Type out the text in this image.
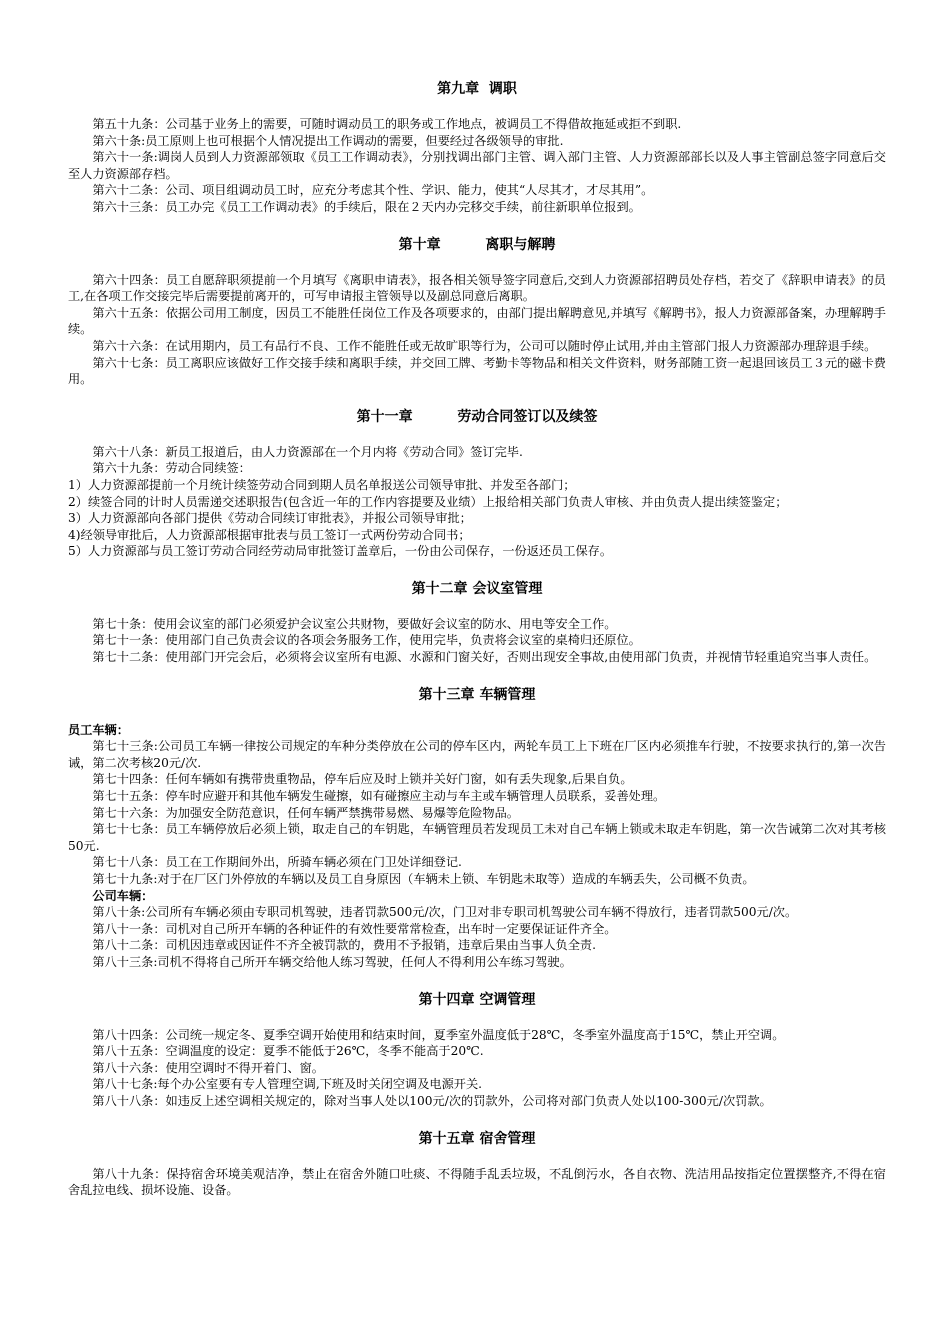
第九章 调职

第五十九条：公司基于业务上的需要，可随时调动员工的职务或工作地点，被调员工不得借故拖延或拒不到职.

第六十条:员工原则上也可根据个人情况提出工作调动的需要，但要经过各级领导的审批.

第六十一条:调岗人员到人力资源部领取《员工工作调动表》，分别找调出部门主管、调入部门主管、人力资源部部长以及人事主管副总签字同意后交至人力资源部存档。

第六十二条：公司、项目组调动员工时，应充分考虑其个性、学识、能力，使其“人尽其才，才尽其用”。

第六十三条：员工办完《员工工作调动表》的手续后，限在２天内办完移交手续，前往新职单位报到。

第十章	离职与解聘

第六十四条：员工自愿辞职须提前一个月填写《离职申请表》，报各相关领导签字同意后,交到人力资源部招聘员处存档，若交了《辞职申请表》的员工,在各项工作交接完毕后需要提前离开的，可写申请报主管领导以及副总同意后离职。

第六十五条：依据公司用工制度，因员工不能胜任岗位工作及各项要求的，由部门提出解聘意见,并填写《解聘书》，报人力资源部备案，办理解聘手续。

第六十六条：在试用期内，员工有品行不良、工作不能胜任或无故旷职等行为，公司可以随时停止试用,并由主管部门报人力资源部办理辞退手续。

第六十七条：员工离职应该做好工作交接手续和离职手续，并交回工牌、考勤卡等物品和相关文件资料，财务部随工资一起退回该员工３元的磁卡费用。

第十一章	劳动合同签订以及续签

第六十八条：新员工报道后，由人力资源部在一个月内将《劳动合同》签订完毕.

第六十九条：劳动合同续签：

1）人力资源部提前一个月统计续签劳动合同到期人员名单报送公司领导审批、并发至各部门；

2）续签合同的计时人员需递交述职报告(包含近一年的工作内容提要及业绩）上报给相关部门负责人审核、并由负责人提出续签鉴定；

3）人力资源部向各部门提供《劳动合同续订审批表》，并报公司领导审批；

4)经领导审批后，人力资源部根据审批表与员工签订一式两份劳动合同书；

5）人力资源部与员工签订劳动合同经劳动局审批签订盖章后，一份由公司保存，一份返还员工保存。

第十二章 会议室管理

第七十条：使用会议室的部门必须爱护会议室公共财物，要做好会议室的防水、用电等安全工作。

第七十一条：使用部门自己负责会议的各项会务服务工作，使用完毕，负责将会议室的桌椅归还原位。

第七十二条：使用部门开完会后，必须将会议室所有电源、水源和门窗关好，否则出现安全事故,由使用部门负责，并视情节轻重追究当事人责任。

第十三章 车辆管理

员工车辆：

第七十三条:公司员工车辆一律按公司规定的车种分类停放在公司的停车区内，两轮车员工上下班在厂区内必须推车行驶，不按要求执行的,第一次告诫，第二次考核20元/次.

第七十四条：任何车辆如有携带贵重物品，停车后应及时上锁并关好门窗，如有丢失现象,后果自负。

第七十五条：停车时应避开和其他车辆发生碰擦，如有碰擦应主动与车主或车辆管理人员联系，妥善处理。

第七十六条：为加强安全防范意识，任何车辆严禁携带易燃、易爆等危险物品。

第七十七条：员工车辆停放后必须上锁，取走自己的车钥匙，车辆管理员若发现员工未对自己车辆上锁或未取走车钥匙，第一次告诫第二次对其考核50元.

第七十八条：员工在工作期间外出，所骑车辆必须在门卫处详细登记.

第七十九条:对于在厂区门外停放的车辆以及员工自身原因（车辆未上锁、车钥匙未取等）造成的车辆丢失，公司概不负责。

公司车辆：

第八十条:公司所有车辆必须由专职司机驾驶，违者罚款500元/次，门卫对非专职司机驾驶公司车辆不得放行，违者罚款500元/次。

第八十一条：司机对自己所开车辆的各种证件的有效性要常常检查，出车时一定要保证证件齐全。

第八十二条：司机因违章或因证件不齐全被罚款的，费用不予报销，违章后果由当事人负全责.

第八十三条:司机不得将自己所开车辆交给他人练习驾驶，任何人不得利用公车练习驾驶。

第十四章 空调管理

第八十四条：公司统一规定冬、夏季空调开始使用和结束时间，夏季室外温度低于28℃，冬季室外温度高于15℃，禁止开空调。

第八十五条：空调温度的设定：夏季不能低于26℃，冬季不能高于20℃.

第八十六条：使用空调时不得开着门、窗。

第八十七条:每个办公室要有专人管理空调,下班及时关闭空调及电源开关.

第八十八条：如违反上述空调相关规定的，除对当事人处以100元/次的罚款外，公司将对部门负责人处以100-300元/次罚款。

第十五章 宿舍管理

第八十九条：保持宿舍环境美观洁净，禁止在宿舍外随口吐痰、不得随手乱丢垃圾，不乱倒污水，各自衣物、洗洁用品按指定位置摆整齐,不得在宿舍乱拉电线、损坏设施、设备。
